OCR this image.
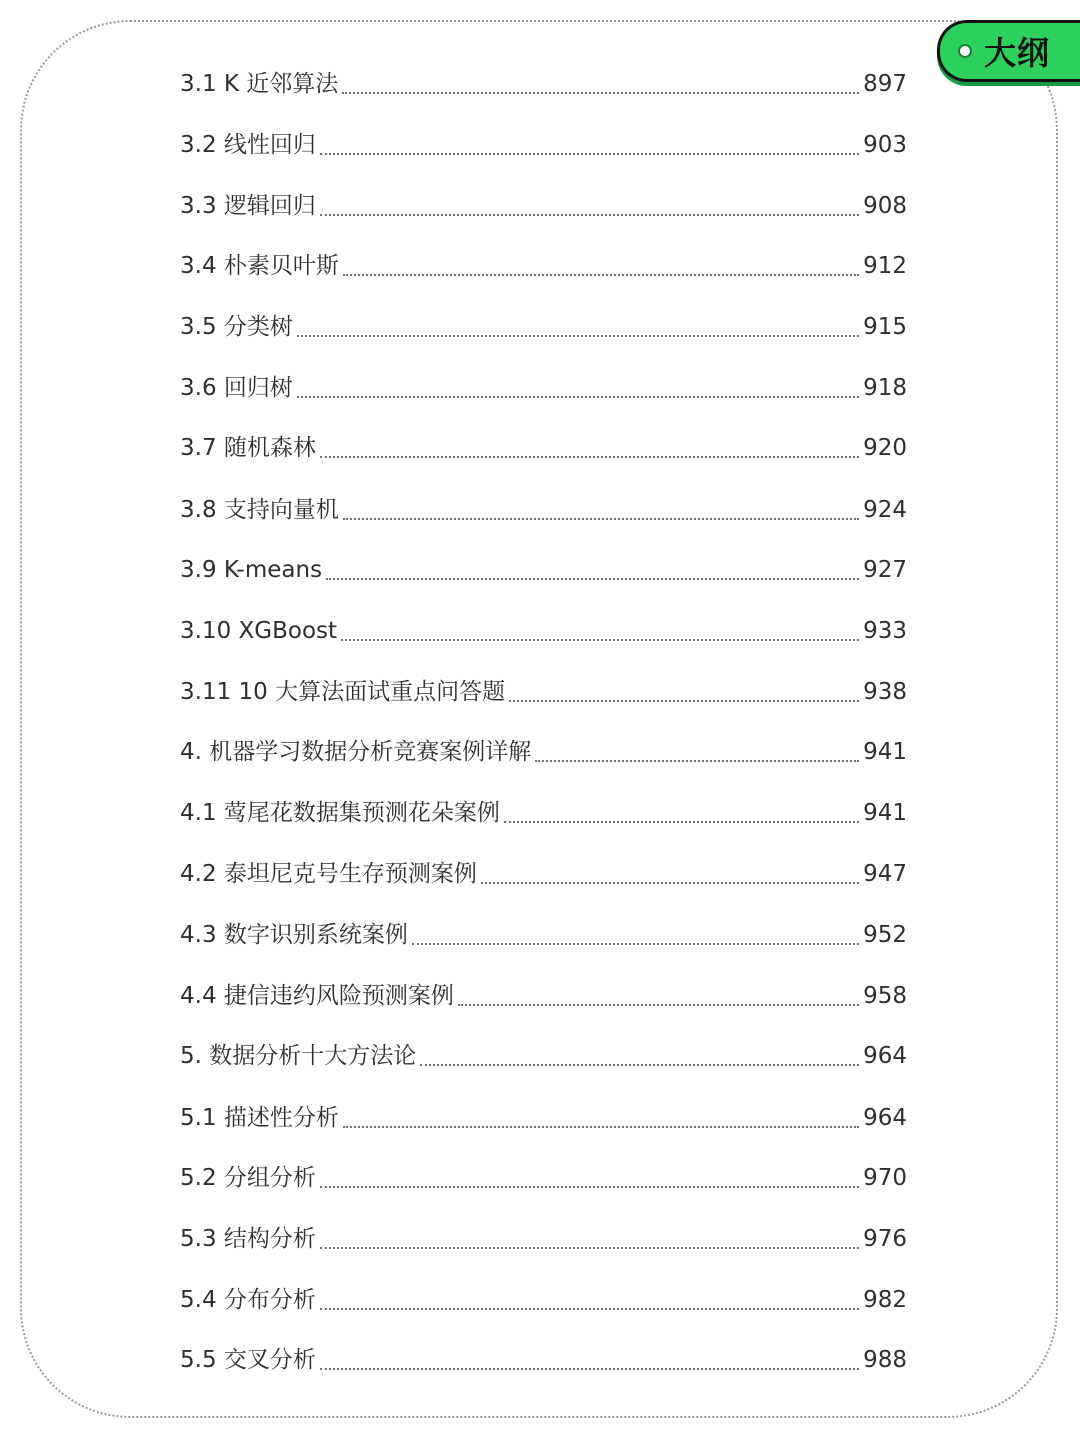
大纲
3.1 K 近邻算法	897
3.2 线性回归	903
3.3 逻辑回归	908
3.4 朴素贝叶斯	912
3.5 分类树	915
3.6 回归树	918
3.7 随机森林	920
3.8 支持向量机	924
3.9 K-means	927
3.10 XGBoost	933
3.11 10 大算法面试重点问答题	938
4. 机器学习数据分析竞赛案例详解	941
4.1 莺尾花数据集预测花朵案例	941
4.2 泰坦尼克号生存预测案例	947
4.3 数字识别系统案例	952
4.4 捷信违约风险预测案例	958
5. 数据分析十大方法论	964
5.1 描述性分析	964
5.2 分组分析	970
5.3 结构分析	976
5.4 分布分析	982
5.5 交叉分析	988
